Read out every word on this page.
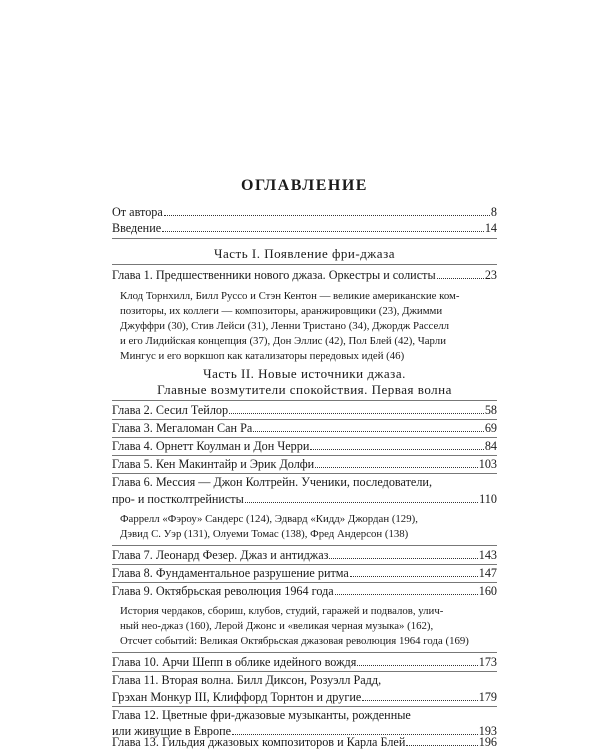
ОГЛАВЛЕНИЕ
От автора	8
Введение	14
Часть I. Появление фри-джаза
Глава 1. Предшественники нового джаза. Оркестры и солисты	23
Клод Торнхилл, Билл Руссо и Стэн Кентон — великие американские ком-
позиторы, их коллеги — композиторы, аранжировщики (23), Джимми
Джуффри (30), Стив Лейси (31), Ленни Тристано (34), Джордж Расселл
и его Лидийская концепция (37), Дон Эллис (42), Пол Блей (42), Чарли
Мингус и его воркшоп как катализаторы передовых идей (46)
Часть II. Новые источники джаза.
Главные возмутители спокойствия. Первая волна
Глава 2. Сесил Тейлор	58
Глава 3. Мегаломан Сан Ра	69
Глава 4. Орнетт Коулман и Дон Черри	84
Глава 5. Кен Макинтайр и Эрик Долфи	103
Глава 6. Мессия — Джон Колтрейн. Ученики, последователи,
про- и постколтрейнисты	110
Фаррелл «Фэроу» Сандерс (124), Эдвард «Кидд» Джордан (129),
Дэвид С. Уэр (131), Олуеми Томас (138), Фред Андерсон (138)
Глава 7. Леонард Фезер. Джаз и антиджаз	143
Глава 8. Фундаментальное разрушение ритма	147
Глава 9. Октябрьская революция 1964 года	160
История чердаков, сбориш, клубов, студий, гаражей и подвалов, улич-
ный нео-джаз (160), Лерой Джонс и «великая черная музыка» (162),
Отсчет событий: Великая Октябрьская джазовая революция 1964 года (169)
Глава 10. Арчи Шепп в облике идейного вождя	173
Глава 11. Вторая волна. Билл Диксон, Розуэлл Радд,
Грэхан Монкур III, Клиффорд Торнтон и другие	179
Глава 12. Цветные фри-джазовые музыканты, рожденные
или живущие в Европе	193
Глава 13. Гильдия джазовых композиторов и Карла Блей	196
